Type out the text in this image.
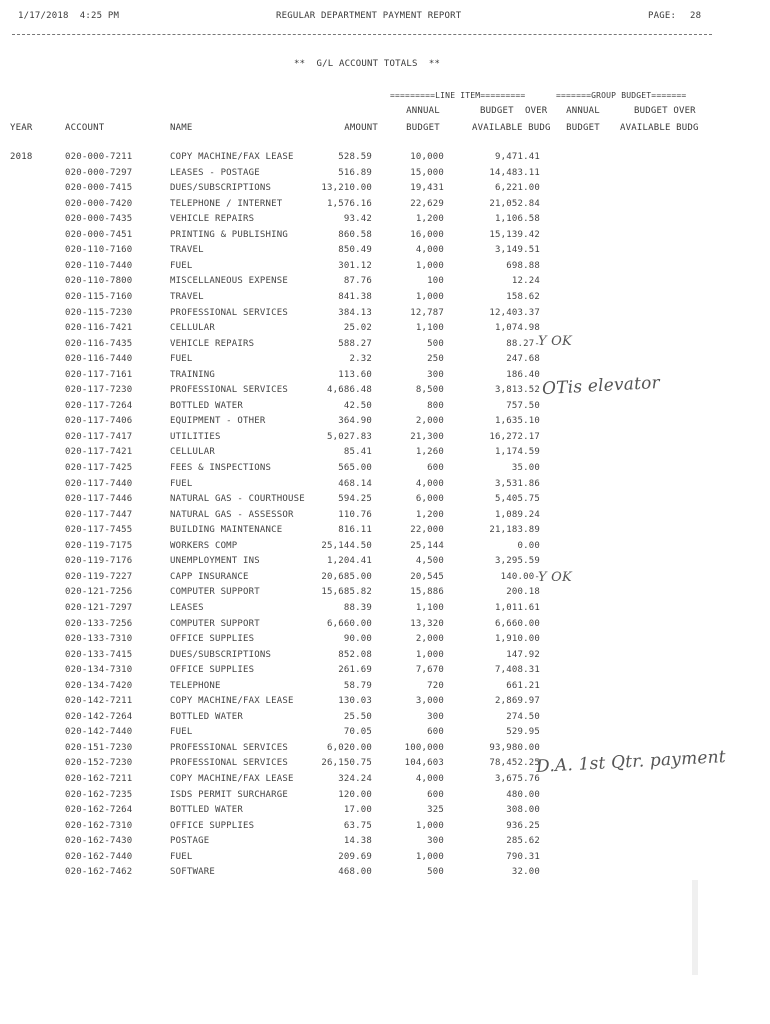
1/17/2018  4:25 PM	REGULAR DEPARTMENT PAYMENT REPORT	PAGE: 28
**  G/L ACCOUNT TOTALS  **
=========LINE ITEM=========	=======GROUP BUDGET=======
ANNUAL	BUDGET  OVER	ANNUAL	BUDGET OVER
YEAR	ACCOUNT	NAME	AMOUNT	BUDGET	AVAILABLE BUDG	BUDGET	AVAILABLE BUDG
2018	020-000-7211	COPY MACHINE/FAX LEASE	528.59	10,000	9,471.41
020-000-7297	LEASES - POSTAGE	516.89	15,000	14,483.11
020-000-7415	DUES/SUBSCRIPTIONS	13,210.00	19,431	6,221.00
020-000-7420	TELEPHONE / INTERNET	1,576.16	22,629	21,052.84
020-000-7435	VEHICLE REPAIRS	93.42	1,200	1,106.58
020-000-7451	PRINTING & PUBLISHING	860.58	16,000	15,139.42
020-110-7160	TRAVEL	850.49	4,000	3,149.51
020-110-7440	FUEL	301.12	1,000	698.88
020-110-7800	MISCELLANEOUS EXPENSE	87.76	100	12.24
020-115-7160	TRAVEL	841.38	1,000	158.62
020-115-7230	PROFESSIONAL SERVICES	384.13	12,787	12,403.37
020-116-7421	CELLULAR	25.02	1,100	1,074.98
020-116-7435	VEHICLE REPAIRS	588.27	500	88.27-
020-116-7440	FUEL	2.32	250	247.68
020-117-7161	TRAINING	113.60	300	186.40
020-117-7230	PROFESSIONAL SERVICES	4,686.48	8,500	3,813.52
020-117-7264	BOTTLED WATER	42.50	800	757.50
020-117-7406	EQUIPMENT - OTHER	364.90	2,000	1,635.10
020-117-7417	UTILITIES	5,027.83	21,300	16,272.17
020-117-7421	CELLULAR	85.41	1,260	1,174.59
020-117-7425	FEES & INSPECTIONS	565.00	600	35.00
020-117-7440	FUEL	468.14	4,000	3,531.86
020-117-7446	NATURAL GAS - COURTHOUSE	594.25	6,000	5,405.75
020-117-7447	NATURAL GAS - ASSESSOR	110.76	1,200	1,089.24
020-117-7455	BUILDING MAINTENANCE	816.11	22,000	21,183.89
020-119-7175	WORKERS COMP	25,144.50	25,144	0.00
020-119-7176	UNEMPLOYMENT INS	1,204.41	4,500	3,295.59
020-119-7227	CAPP INSURANCE	20,685.00	20,545	140.00-
020-121-7256	COMPUTER SUPPORT	15,685.82	15,886	200.18
020-121-7297	LEASES	88.39	1,100	1,011.61
020-133-7256	COMPUTER SUPPORT	6,660.00	13,320	6,660.00
020-133-7310	OFFICE SUPPLIES	90.00	2,000	1,910.00
020-133-7415	DUES/SUBSCRIPTIONS	852.08	1,000	147.92
020-134-7310	OFFICE SUPPLIES	261.69	7,670	7,408.31
020-134-7420	TELEPHONE	58.79	720	661.21
020-142-7211	COPY MACHINE/FAX LEASE	130.03	3,000	2,869.97
020-142-7264	BOTTLED WATER	25.50	300	274.50
020-142-7440	FUEL	70.05	600	529.95
020-151-7230	PROFESSIONAL SERVICES	6,020.00	100,000	93,980.00
020-152-7230	PROFESSIONAL SERVICES	26,150.75	104,603	78,452.25
020-162-7211	COPY MACHINE/FAX LEASE	324.24	4,000	3,675.76
020-162-7235	ISDS PERMIT SURCHARGE	120.00	600	480.00
020-162-7264	BOTTLED WATER	17.00	325	308.00
020-162-7310	OFFICE SUPPLIES	63.75	1,000	936.25
020-162-7430	POSTAGE	14.38	300	285.62
020-162-7440	FUEL	209.69	1,000	790.31
020-162-7462	SOFTWARE	468.00	500	32.00
Y OK
OTis elevator
Y OK
D.A. 1st Qtr. payment
